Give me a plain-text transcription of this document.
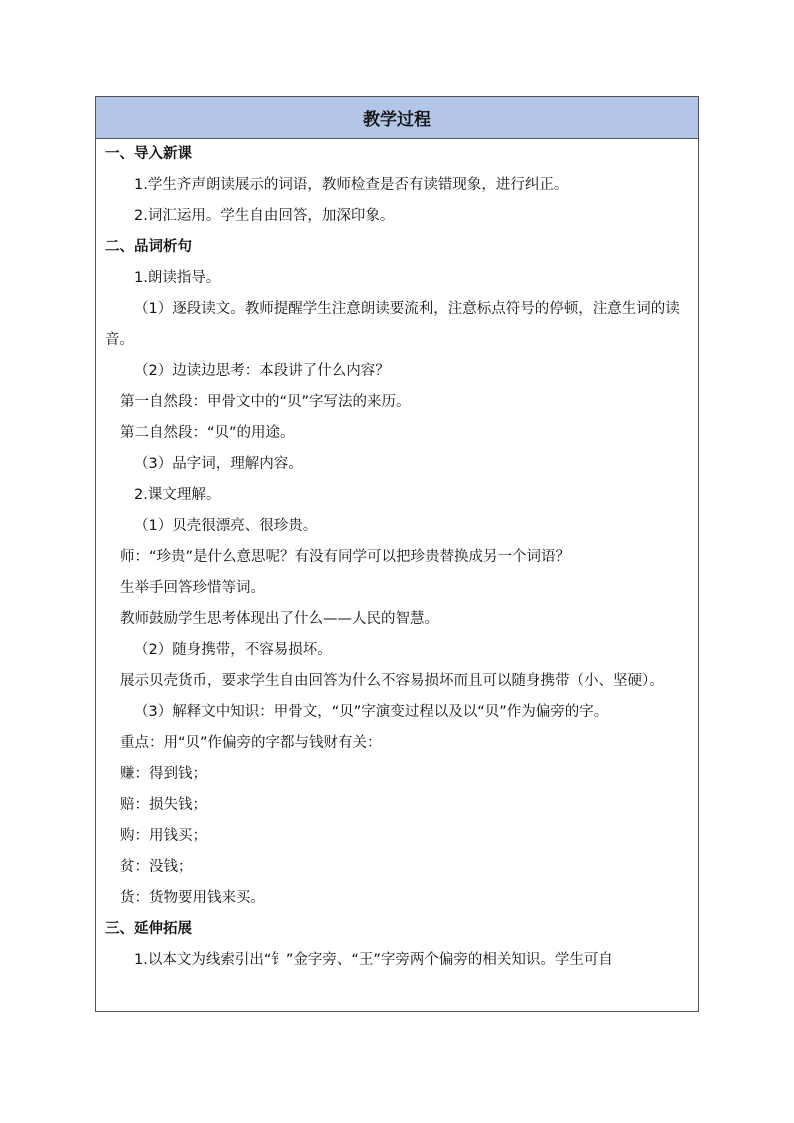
教学过程
一、导入新课
1.学生齐声朗读展示的词语，教师检查是否有读错现象，进行纠正。
2.词汇运用。学生自由回答，加深印象。
二、品词析句
1.朗读指导。
（1）逐段读文。教师提醒学生注意朗读要流利，注意标点符号的停顿，注意生词的读音。
（2）边读边思考：本段讲了什么内容？
第一自然段：甲骨文中的“贝”字写法的来历。
第二自然段：“贝”的用途。
（3）品字词，理解内容。
2.课文理解。
（1）贝壳很漂亮、很珍贵。
师：“珍贵”是什么意思呢？有没有同学可以把珍贵替换成另一个词语？
生举手回答珍惜等词。
教师鼓励学生思考体现出了什么——人民的智慧。
（2）随身携带，不容易损坏。
展示贝壳货币，要求学生自由回答为什么不容易损坏而且可以随身携带（小、坚硬）。
（3）解释文中知识：甲骨文，“贝”字演变过程以及以“贝”作为偏旁的字。
重点：用“贝”作偏旁的字都与钱财有关：
赚：得到钱；
赔：损失钱；
购：用钱买；
贫：没钱；
货：货物要用钱来买。
三、延伸拓展
1.以本文为线索引出“钅”金字旁、“王”字旁两个偏旁的相关知识。学生可自
